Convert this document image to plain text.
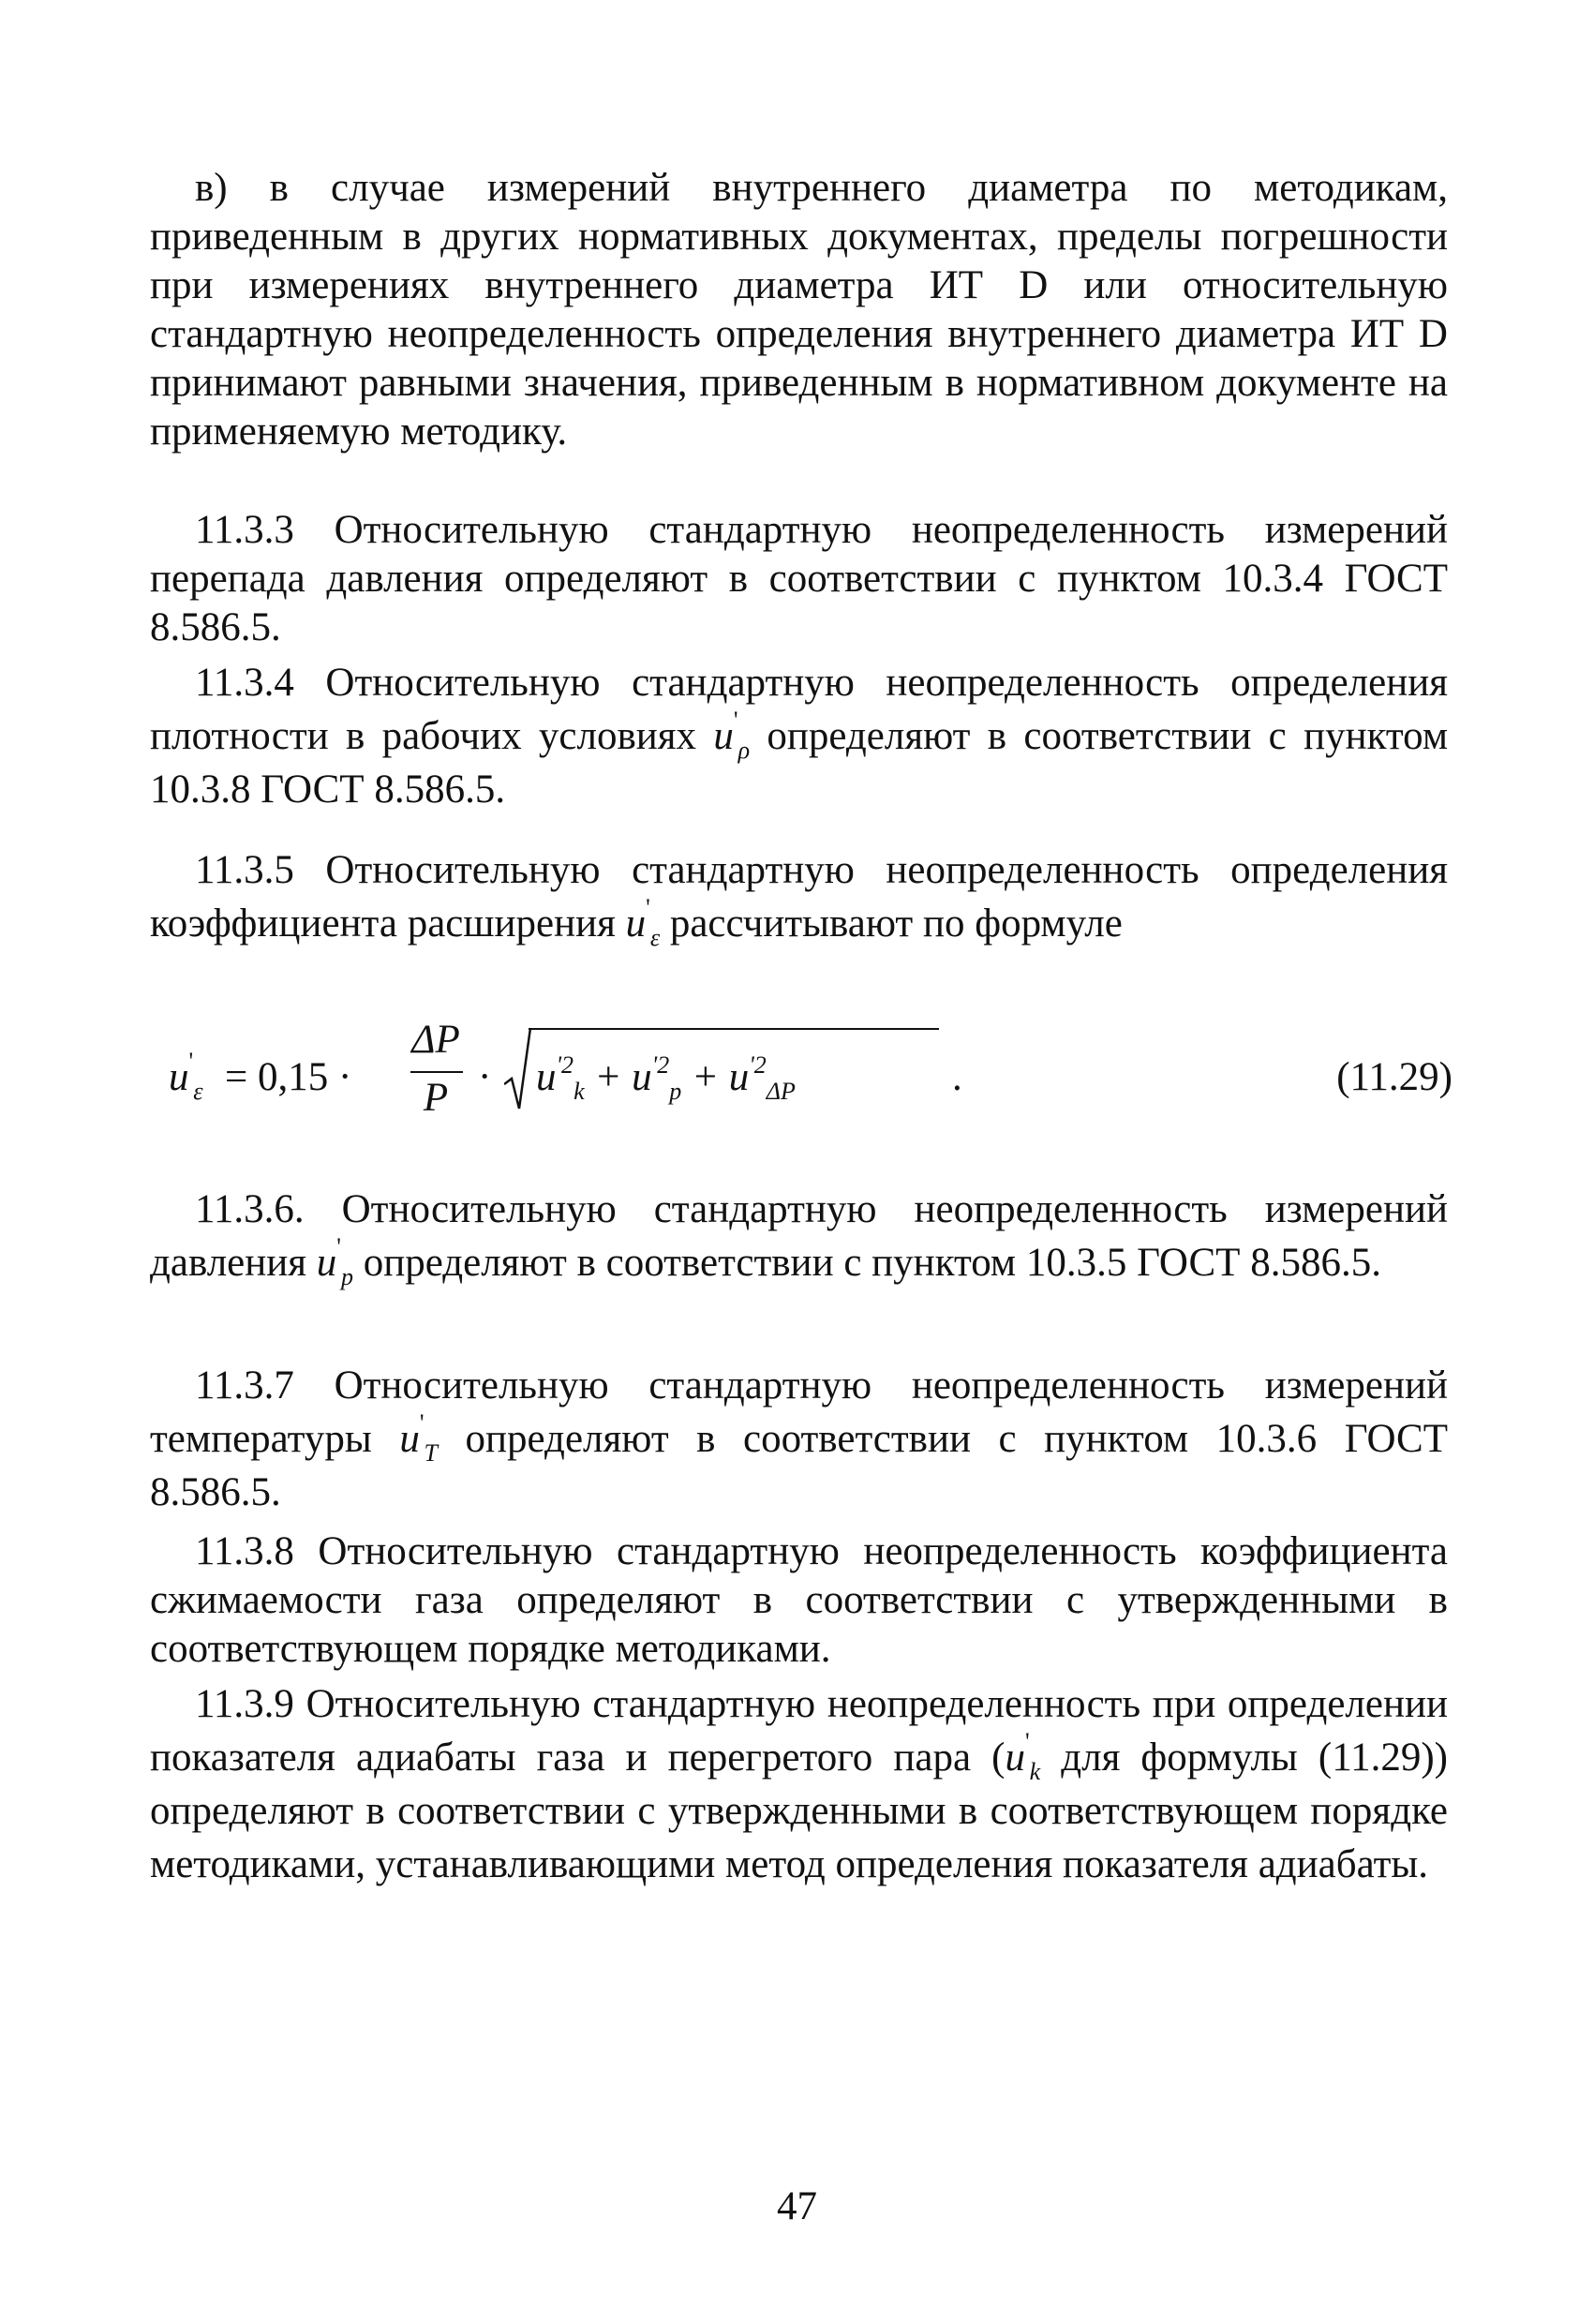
в) в случае измерений внутреннего диаметра по методикам, приведенным в других нормативных документах, пределы погрешности при измерениях внутреннего диаметра ИТ D или относительную стандартную неопределенность определения внутреннего диаметра ИТ D принимают равными значения, приведенным в нормативном документе на применяемую методику.
11.3.3 Относительную стандартную неопределенность измерений перепада давления определяют в соответствии с пунктом 10.3.4 ГОСТ 8.586.5.
11.3.4 Относительную стандартную неопределенность определения плотности в рабочих условиях $u'_\rho$ определяют в соответствии с пунктом 10.3.8 ГОСТ 8.586.5.
11.3.5 Относительную стандартную неопределенность определения коэффициента расширения $u'_\varepsilon$ рассчитывают по формуле
$u'_\varepsilon = 0,15$ ·
ΔP
$P \cdot u^{'2}_k + u^{'2}_p + u^{'2}_{\Delta P}$	.	(11.29)
11.3.6. Относительную стандартную неопределенность измерений давления $u'_p$ определяют в соответствии с пунктом 10.3.5 ГОСТ 8.586.5.
11.3.7 Относительную стандартную неопределенность измерений температуры $u'_T$ определяют в соответствии с пунктом 10.3.6 ГОСТ 8.586.5.
11.3.8 Относительную стандартную неопределенность коэффициента сжимаемости газа определяют в соответствии с утвержденными в соответствующем порядке методиками.
11.3.9 Относительную стандартную неопределенность при определении показателя адиабаты газа и перегретого пара ($u'_k$ для формулы (11.29)) определяют в соответствии с утвержденными в соответствующем порядке методиками, устанавливающими метод определения показателя адиабаты.
47
